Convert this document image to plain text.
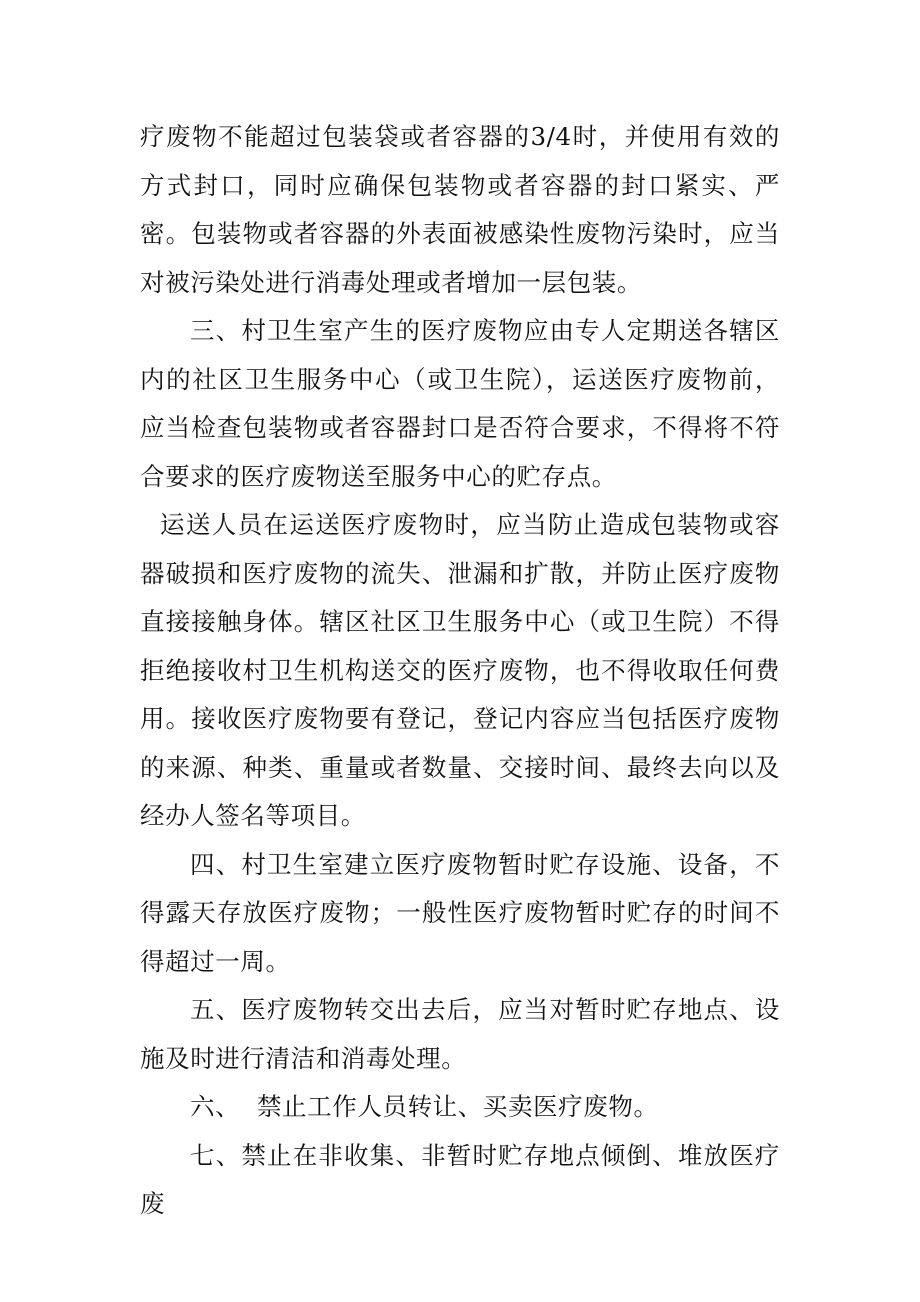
疗废物不能超过包装袋或者容器的3/4时，并使用有效的方式封口，同时应确保包装物或者容器的封口紧实、严密。包装物或者容器的外表面被感染性废物污染时，应当对被污染处进行消毒处理或者增加一层包装。

三、村卫生室产生的医疗废物应由专人定期送各辖区内的社区卫生服务中心（或卫生院），运送医疗废物前，应当检查包装物或者容器封口是否符合要求，不得将不符合要求的医疗废物送至服务中心的贮存点。

运送人员在运送医疗废物时，应当防止造成包装物或容器破损和医疗废物的流失、泄漏和扩散，并防止医疗废物直接接触身体。辖区社区卫生服务中心（或卫生院）不得拒绝接收村卫生机构送交的医疗废物，也不得收取任何费用。接收医疗废物要有登记，登记内容应当包括医疗废物的来源、种类、重量或者数量、交接时间、最终去向以及经办人签名等项目。

四、村卫生室建立医疗废物暂时贮存设施、设备，不得露天存放医疗废物；一般性医疗废物暂时贮存的时间不得超过一周。

五、医疗废物转交出去后，应当对暂时贮存地点、设施及时进行清洁和消毒处理。

六、  禁止工作人员转让、买卖医疗废物。

七、禁止在非收集、非暂时贮存地点倾倒、堆放医疗废
